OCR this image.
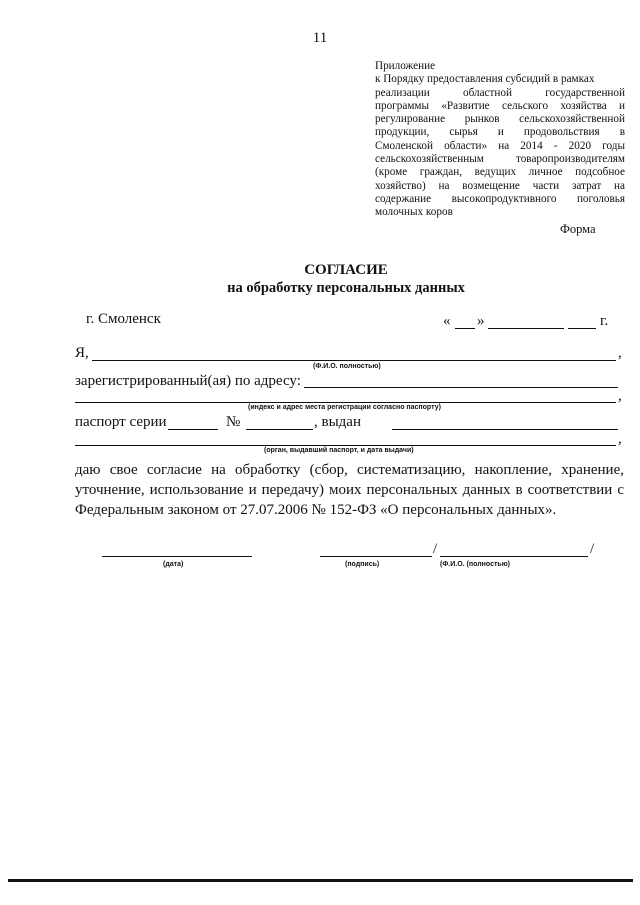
11
Приложение
к Порядку предоставления субсидий в рамках
реализации областной государственной
программы «Развитие сельского хозяйства и
регулирование рынков сельскохозяйственной
продукции, сырья и продовольствия в
Смоленской области» на 2014 - 2020 годы
сельскохозяйственным товаропроизводителям
(кроме граждан, ведущих личное подсобное
хозяйство) на возмещение части затрат на
содержание высокопродуктивного поголовья
молочных коров
Форма
СОГЛАСИЕ
на обработку персональных данных
г. Смоленск	« »	г.
Я,	,
(Ф.И.О. полностью)
зарегистрированный(ая) по адресу:
,
(индекс и адрес места регистрации согласно паспорту)
паспорт серии	№	, выдан
,
(орган, выдавший паспорт, и дата выдачи)
даю свое согласие на обработку (сбор, систематизацию, накопление, хранение,
уточнение, использование и передачу) моих персональных данных в соответствии с
Федеральным законом от 27.07.2006 № 152-ФЗ «О персональных данных».
(дата)
/
(подпись)
/
(Ф.И.О. (полностью)
